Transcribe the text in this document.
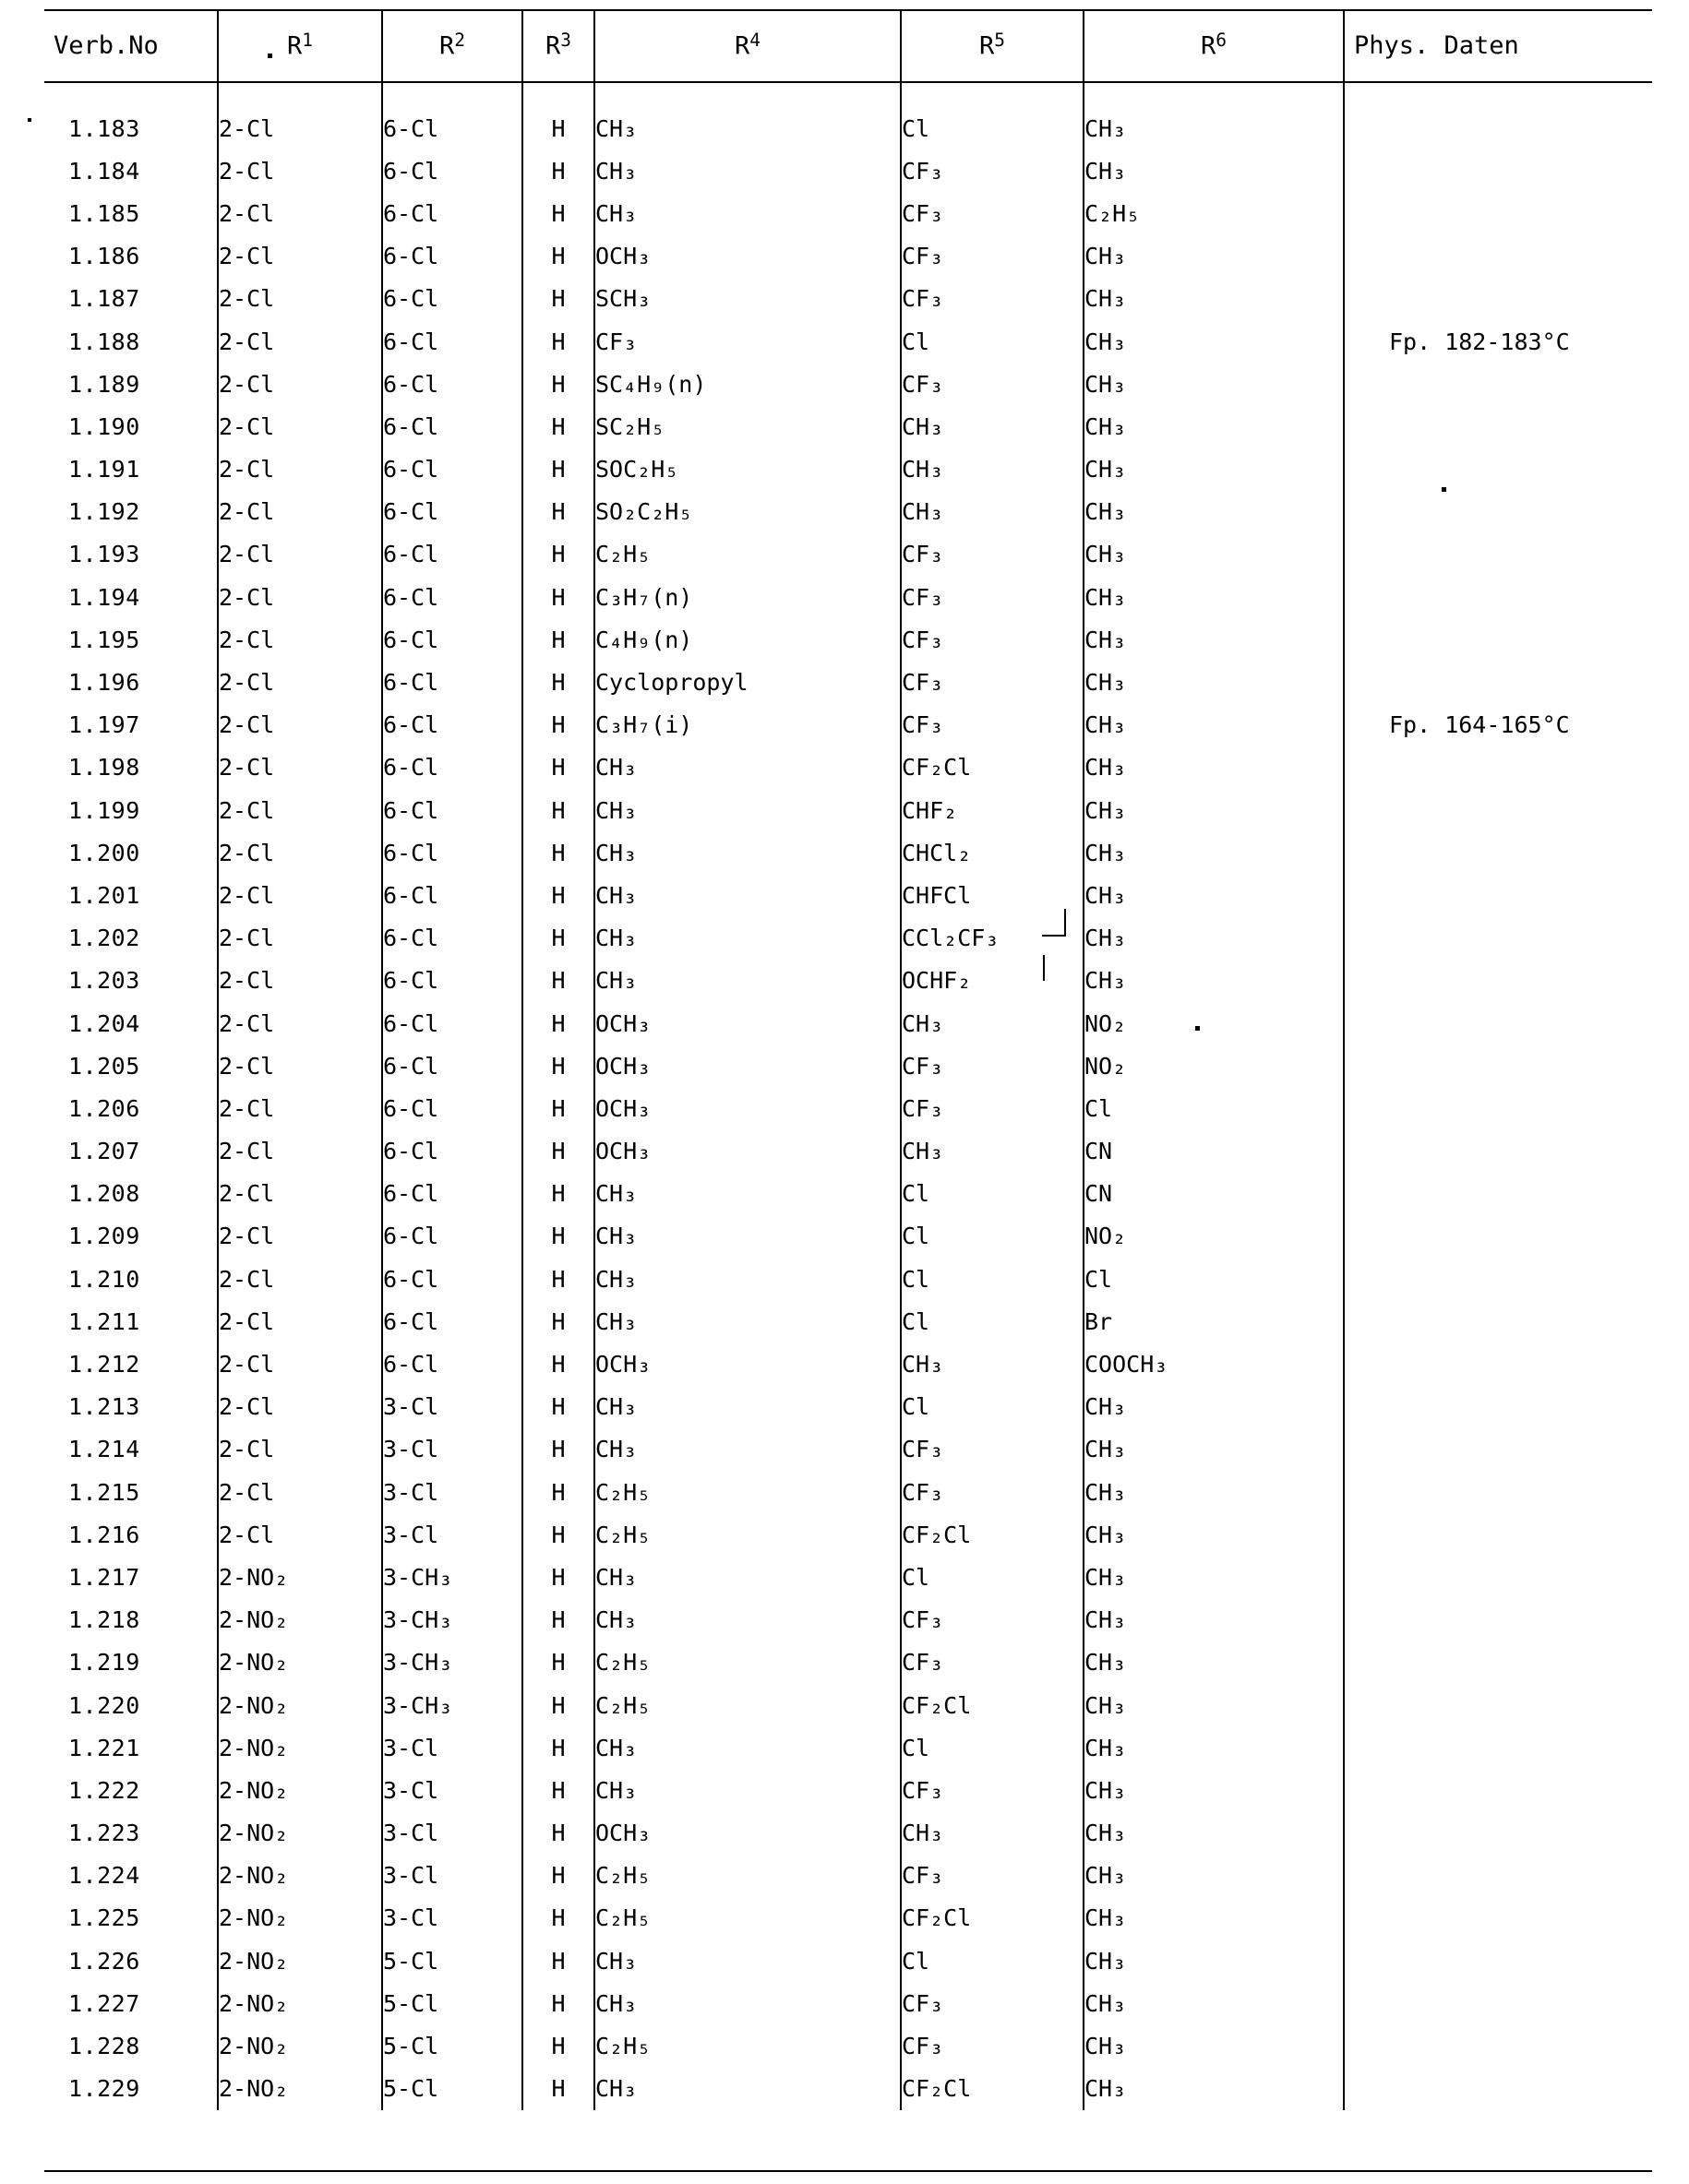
Verb.No	$R^1$	$R^2$	$R^3$	$R^4$	$R^5$	$R^6$	Phys. Daten

1.183	2-Cl	6-Cl	H	CH₃	Cl	CH₃	
1.184	2-Cl	6-Cl	H	CH₃	CF₃	CH₃	
1.185	2-Cl	6-Cl	H	CH₃	CF₃	C₂H₅	
1.186	2-Cl	6-Cl	H	OCH₃	CF₃	CH₃	
1.187	2-Cl	6-Cl	H	SCH₃	CF₃	CH₃	
1.188	2-Cl	6-Cl	H	CF₃	Cl	CH₃	Fp. 182-183°C
1.189	2-Cl	6-Cl	H	SC₄H₉(n)	CF₃	CH₃	
1.190	2-Cl	6-Cl	H	SC₂H₅	CH₃	CH₃	
1.191	2-Cl	6-Cl	H	SOC₂H₅	CH₃	CH₃	
1.192	2-Cl	6-Cl	H	SO₂C₂H₅	CH₃	CH₃	
1.193	2-Cl	6-Cl	H	C₂H₅	CF₃	CH₃	
1.194	2-Cl	6-Cl	H	C₃H₇(n)	CF₃	CH₃	
1.195	2-Cl	6-Cl	H	C₄H₉(n)	CF₃	CH₃	
1.196	2-Cl	6-Cl	H	Cyclopropyl	CF₃	CH₃	
1.197	2-Cl	6-Cl	H	C₃H₇(i)	CF₃	CH₃	Fp. 164-165°C
1.198	2-Cl	6-Cl	H	CH₃	CF₂Cl	CH₃	
1.199	2-Cl	6-Cl	H	CH₃	CHF₂	CH₃	
1.200	2-Cl	6-Cl	H	CH₃	CHCl₂	CH₃	
1.201	2-Cl	6-Cl	H	CH₃	CHFCl	CH₃	
1.202	2-Cl	6-Cl	H	CH₃	CCl₂CF₃	CH₃	
1.203	2-Cl	6-Cl	H	CH₃	OCHF₂	CH₃	
1.204	2-Cl	6-Cl	H	OCH₃	CH₃	NO₂	
1.205	2-Cl	6-Cl	H	OCH₃	CF₃	NO₂	
1.206	2-Cl	6-Cl	H	OCH₃	CF₃	Cl	
1.207	2-Cl	6-Cl	H	OCH₃	CH₃	CN	
1.208	2-Cl	6-Cl	H	CH₃	Cl	CN	
1.209	2-Cl	6-Cl	H	CH₃	Cl	NO₂	
1.210	2-Cl	6-Cl	H	CH₃	Cl	Cl	
1.211	2-Cl	6-Cl	H	CH₃	Cl	Br	
1.212	2-Cl	6-Cl	H	OCH₃	CH₃	COOCH₃	
1.213	2-Cl	3-Cl	H	CH₃	Cl	CH₃	
1.214	2-Cl	3-Cl	H	CH₃	CF₃	CH₃	
1.215	2-Cl	3-Cl	H	C₂H₅	CF₃	CH₃	
1.216	2-Cl	3-Cl	H	C₂H₅	CF₂Cl	CH₃	
1.217	2-NO₂	3-CH₃	H	CH₃	Cl	CH₃	
1.218	2-NO₂	3-CH₃	H	CH₃	CF₃	CH₃	
1.219	2-NO₂	3-CH₃	H	C₂H₅	CF₃	CH₃	
1.220	2-NO₂	3-CH₃	H	C₂H₅	CF₂Cl	CH₃	
1.221	2-NO₂	3-Cl	H	CH₃	Cl	CH₃	
1.222	2-NO₂	3-Cl	H	CH₃	CF₃	CH₃	
1.223	2-NO₂	3-Cl	H	OCH₃	CH₃	CH₃	
1.224	2-NO₂	3-Cl	H	C₂H₅	CF₃	CH₃	
1.225	2-NO₂	3-Cl	H	C₂H₅	CF₂Cl	CH₃	
1.226	2-NO₂	5-Cl	H	CH₃	Cl	CH₃	
1.227	2-NO₂	5-Cl	H	CH₃	CF₃	CH₃	
1.228	2-NO₂	5-Cl	H	C₂H₅	CF₃	CH₃	
1.229	2-NO₂	5-Cl	H	CH₃	CF₂Cl	CH₃	
